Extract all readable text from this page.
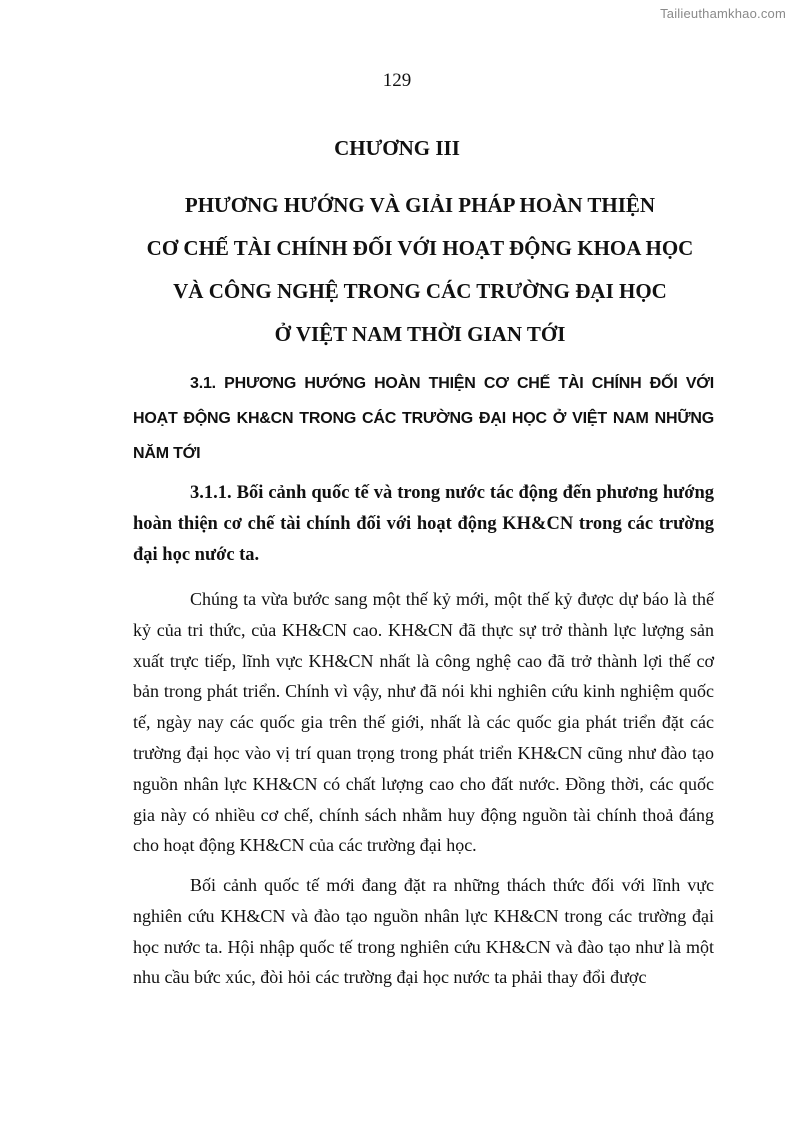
Tailieuthamkhao.com

129

CHƯƠNG III
PHƯƠNG HƯỚNG VÀ GIẢI PHÁP HOÀN THIỆN
CƠ CHẾ TÀI CHÍNH ĐỐI VỚI HOẠT ĐỘNG KHOA HỌC
VÀ CÔNG NGHỆ TRONG CÁC TRƯỜNG ĐẠI HỌC
Ở VIỆT NAM THỜI GIAN TỚI
3.1. PHƯƠNG HƯỚNG HOÀN THIỆN CƠ CHẾ TÀI CHÍNH ĐỐI VỚI HOẠT ĐỘNG KH&CN TRONG CÁC TRƯỜNG ĐẠI HỌC Ở VIỆT NAM NHỮNG NĂM TỚI
3.1.1. Bối cảnh quốc tế và trong nước tác động đến phương hướng hoàn thiện cơ chế tài chính đối với hoạt động KH&CN trong các trường đại học nước ta.

Chúng ta vừa bước sang một thế kỷ mới, một thế kỷ được dự báo là thế kỷ của tri thức, của KH&CN cao. KH&CN đã thực sự trở thành lực lượng sản xuất trực tiếp, lĩnh vực KH&CN nhất là công nghệ cao đã trở thành lợi thế cơ bản trong phát triển. Chính vì vậy, như đã nói khi nghiên cứu kinh nghiệm quốc tế, ngày nay các quốc gia trên thế giới, nhất là các quốc gia phát triển đặt các trường đại học vào vị trí quan trọng trong phát triển KH&CN cũng như đào tạo nguồn nhân lực KH&CN có chất lượng cao cho đất nước. Đồng thời, các quốc gia này có nhiều cơ chế, chính sách nhằm huy động nguồn tài chính thoả đáng cho hoạt động KH&CN của các trường đại học.

Bối cảnh quốc tế mới đang đặt ra những thách thức đối với lĩnh vực nghiên cứu KH&CN và đào tạo nguồn nhân lực KH&CN trong các trường đại học nước ta. Hội nhập quốc tế trong nghiên cứu KH&CN và đào tạo như là một nhu cầu bức xúc, đòi hỏi các trường đại học nước ta phải thay đổi được
